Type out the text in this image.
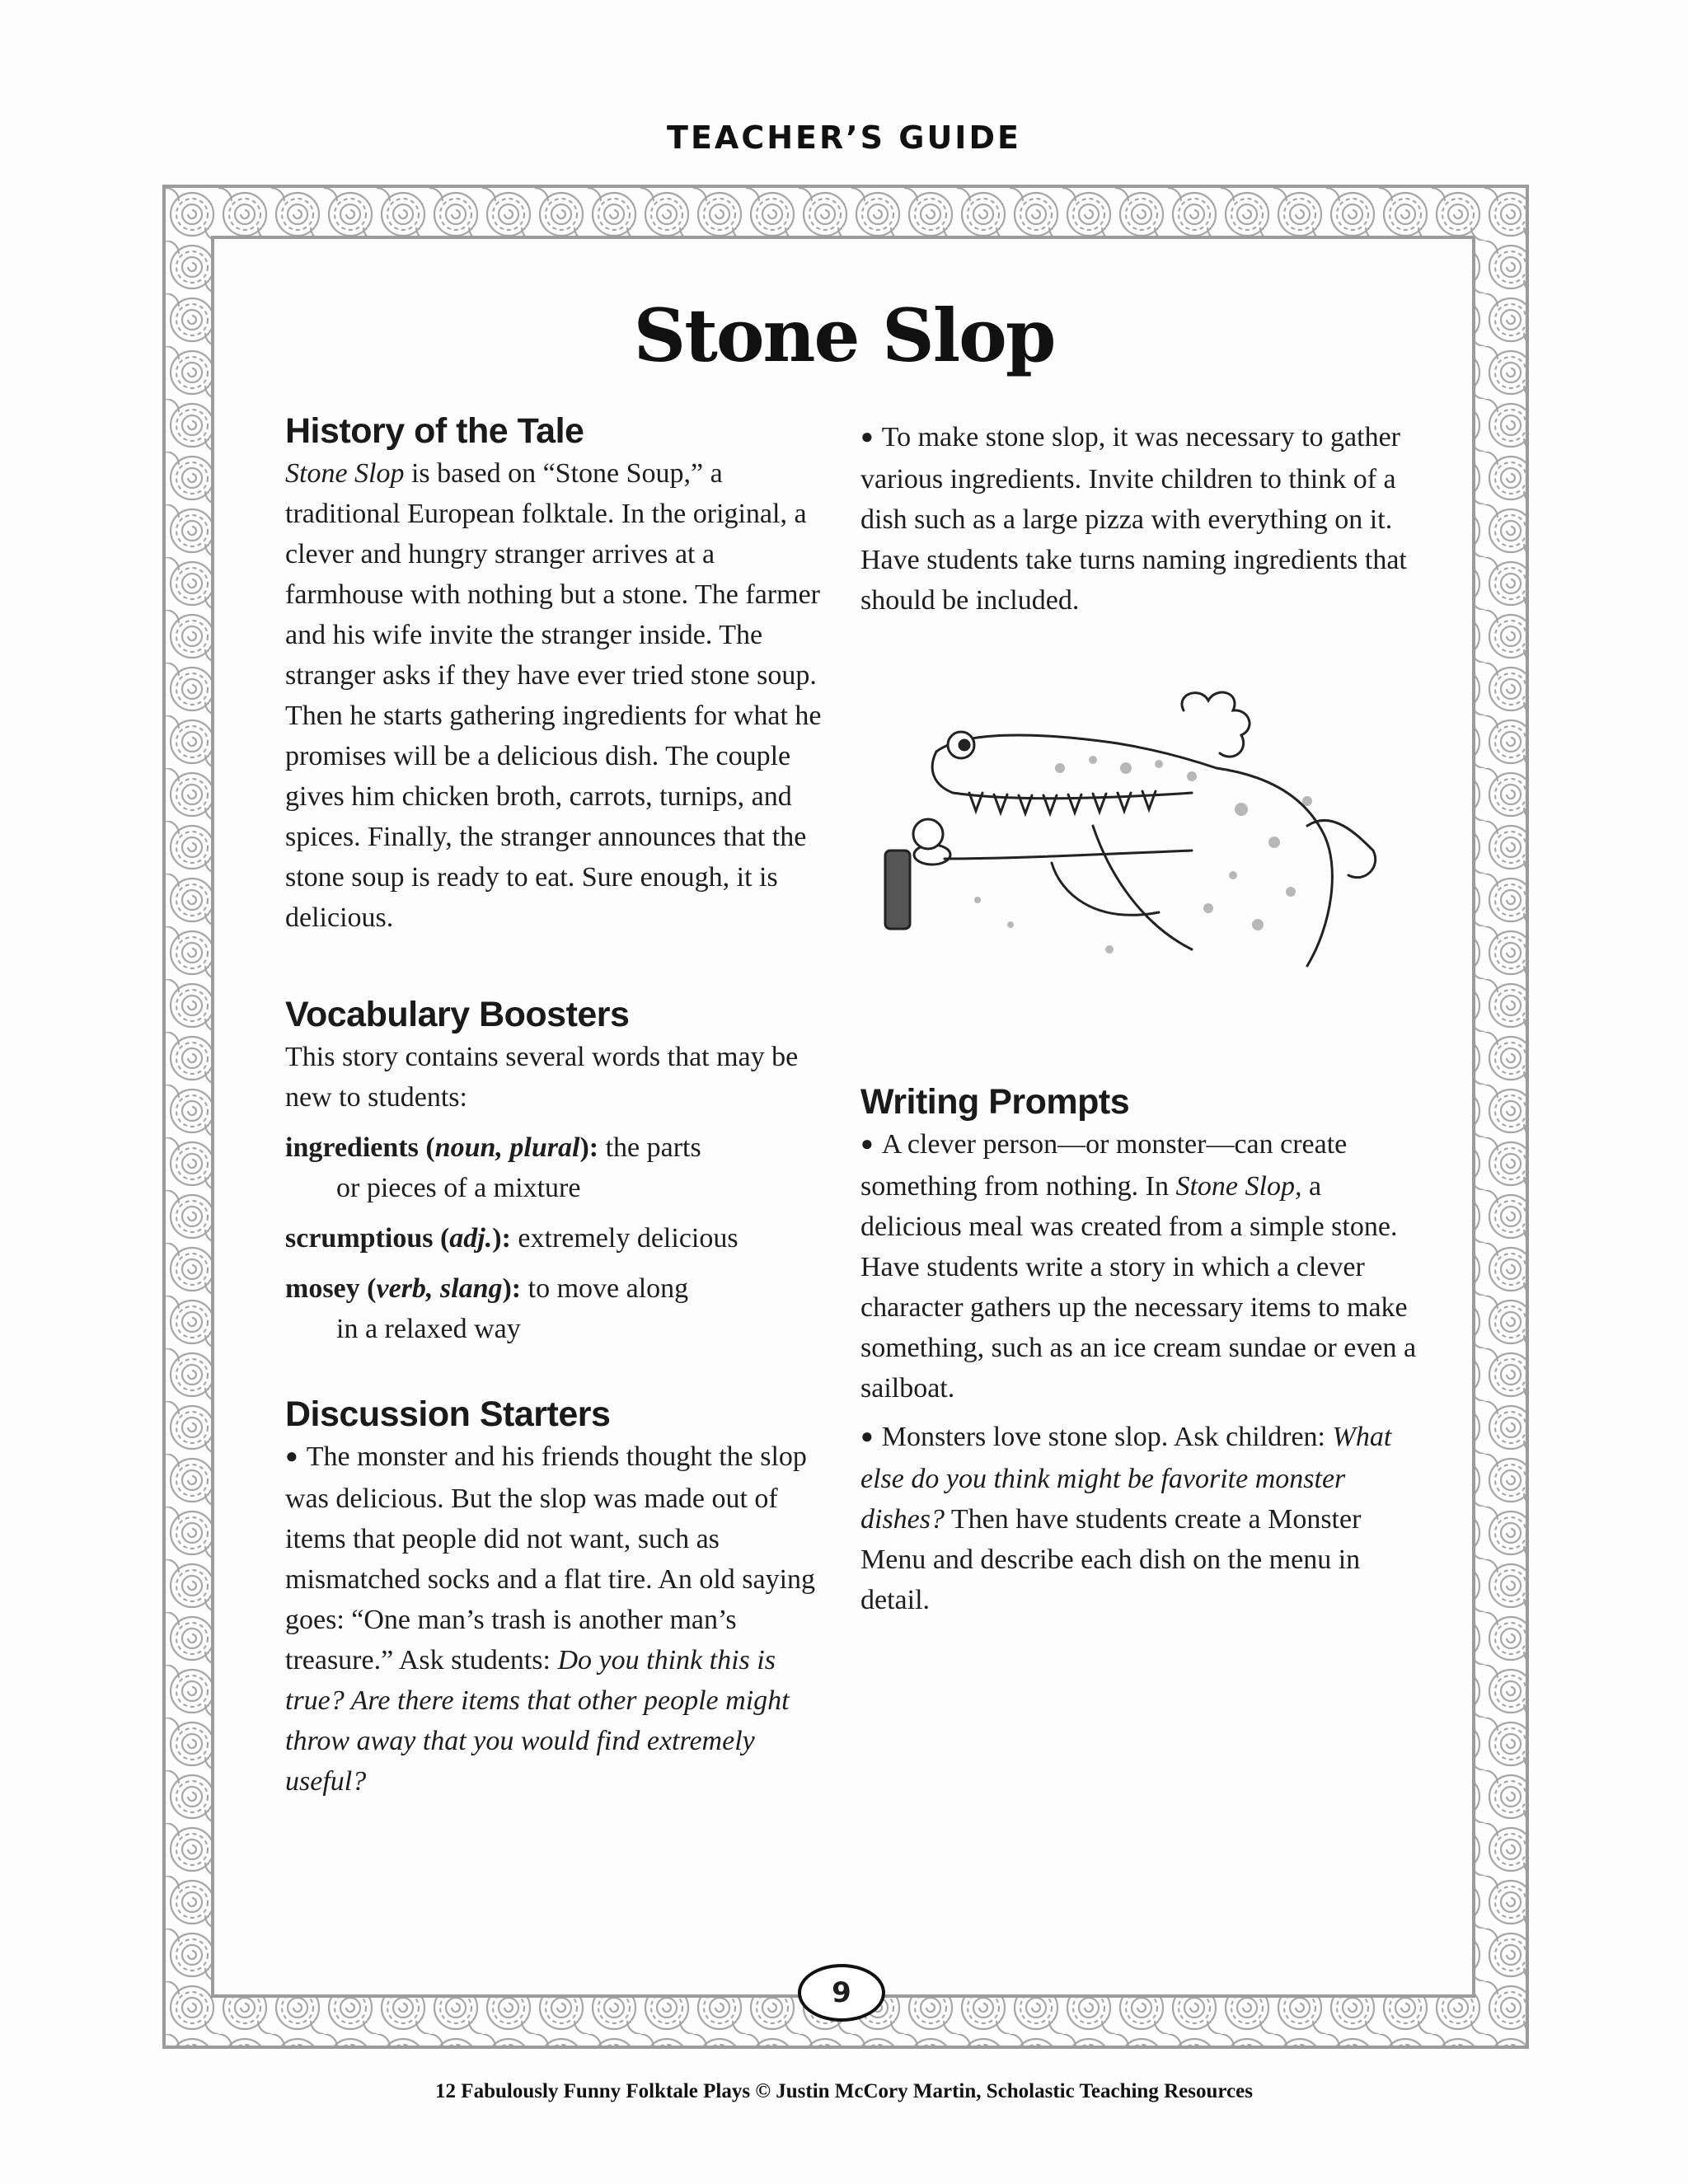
TEACHER’S GUIDE
Stone Slop
History of the Tale

Stone Slop is based on “Stone Soup,” a traditional European folktale. In the original, a clever and hungry stranger arrives at a farmhouse with nothing but a stone. The farmer and his wife invite the stranger inside. The stranger asks if they have ever tried stone soup. Then he starts gathering ingredients for what he promises will be a delicious dish. The couple gives him chicken broth, carrots, turnips, and spices. Finally, the stranger announces that the stone soup is ready to eat. Sure enough, it is delicious.

Vocabulary Boosters

This story contains several words that may be new to students:

ingredients (noun, plural): the parts
or pieces of a mixture

scrumptious (adj.): extremely delicious

mosey (verb, slang): to move along
in a relaxed way

Discussion Starters

● The monster and his friends thought the slop was delicious. But the slop was made out of items that people did not want, such as mismatched socks and a flat tire. An old saying goes: “One man’s trash is another man’s treasure.” Ask students: Do you think this is true? Are there items that other people might throw away that you would find extremely useful?

● To make stone slop, it was necessary to gather various ingredients. Invite children to think of a dish such as a large pizza with everything on it. Have students take turns naming ingredients that should be included.

Writing Prompts

● A clever person—or monster—can create something from nothing. In Stone Slop, a delicious meal was created from a simple stone. Have students write a story in which a clever character gathers up the necessary items to make something, such as an ice cream sundae or even a sailboat.

● Monsters love stone slop. Ask children: What else do you think might be favorite monster dishes? Then have students create a Monster Menu and describe each dish on the menu in detail.

9
12 Fabulously Funny Folktale Plays © Justin McCory Martin, Scholastic Teaching Resources
